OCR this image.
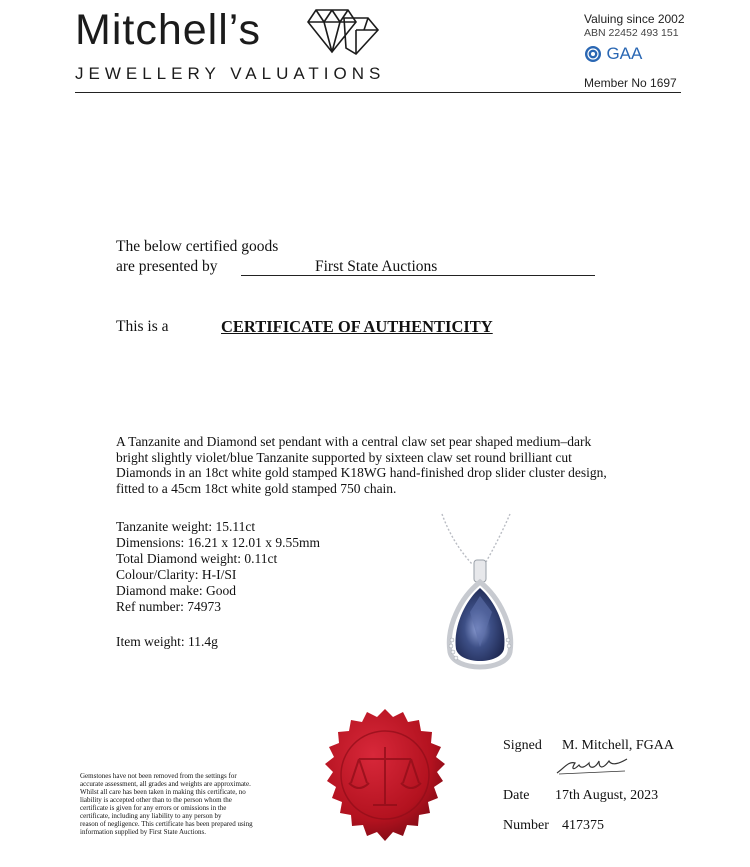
Mitchell’s
JEWELLERY VALUATIONS
Valuing since 2002
ABN 22452 493 151
GAA
Member No 1697
The below certified goods
are presented by	First State Auctions
This is a	CERTIFICATE OF AUTHENTICITY
A Tanzanite and Diamond set pendant with a central claw set pear shaped medium–dark
bright slightly violet/blue Tanzanite supported by sixteen claw set round brilliant cut
Diamonds in an 18ct white gold stamped K18WG hand-finished drop slider cluster design,
fitted to a 45cm 18ct white gold stamped 750 chain.
Tanzanite weight: 15.11ct
Dimensions: 16.21 x 12.01 x 9.55mm
Total Diamond weight: 0.11ct
Colour/Clarity: H-I/SI
Diamond make: Good
Ref number: 74973
Item weight: 11.4g
Gemstones have not been removed from the settings for
accurate assessment, all grades and weights are approximate.
Whilst all care has been taken in making this certificate, no
liability is accepted other than to the person whom the
certificate is given for any errors or omissions in the
certificate, including any liability to any person by
reason of negligence. This certificate has been prepared using
information supplied by First State Auctions.
Signed M. Mitchell, FGAA
Date 17th August, 2023
Number 417375
